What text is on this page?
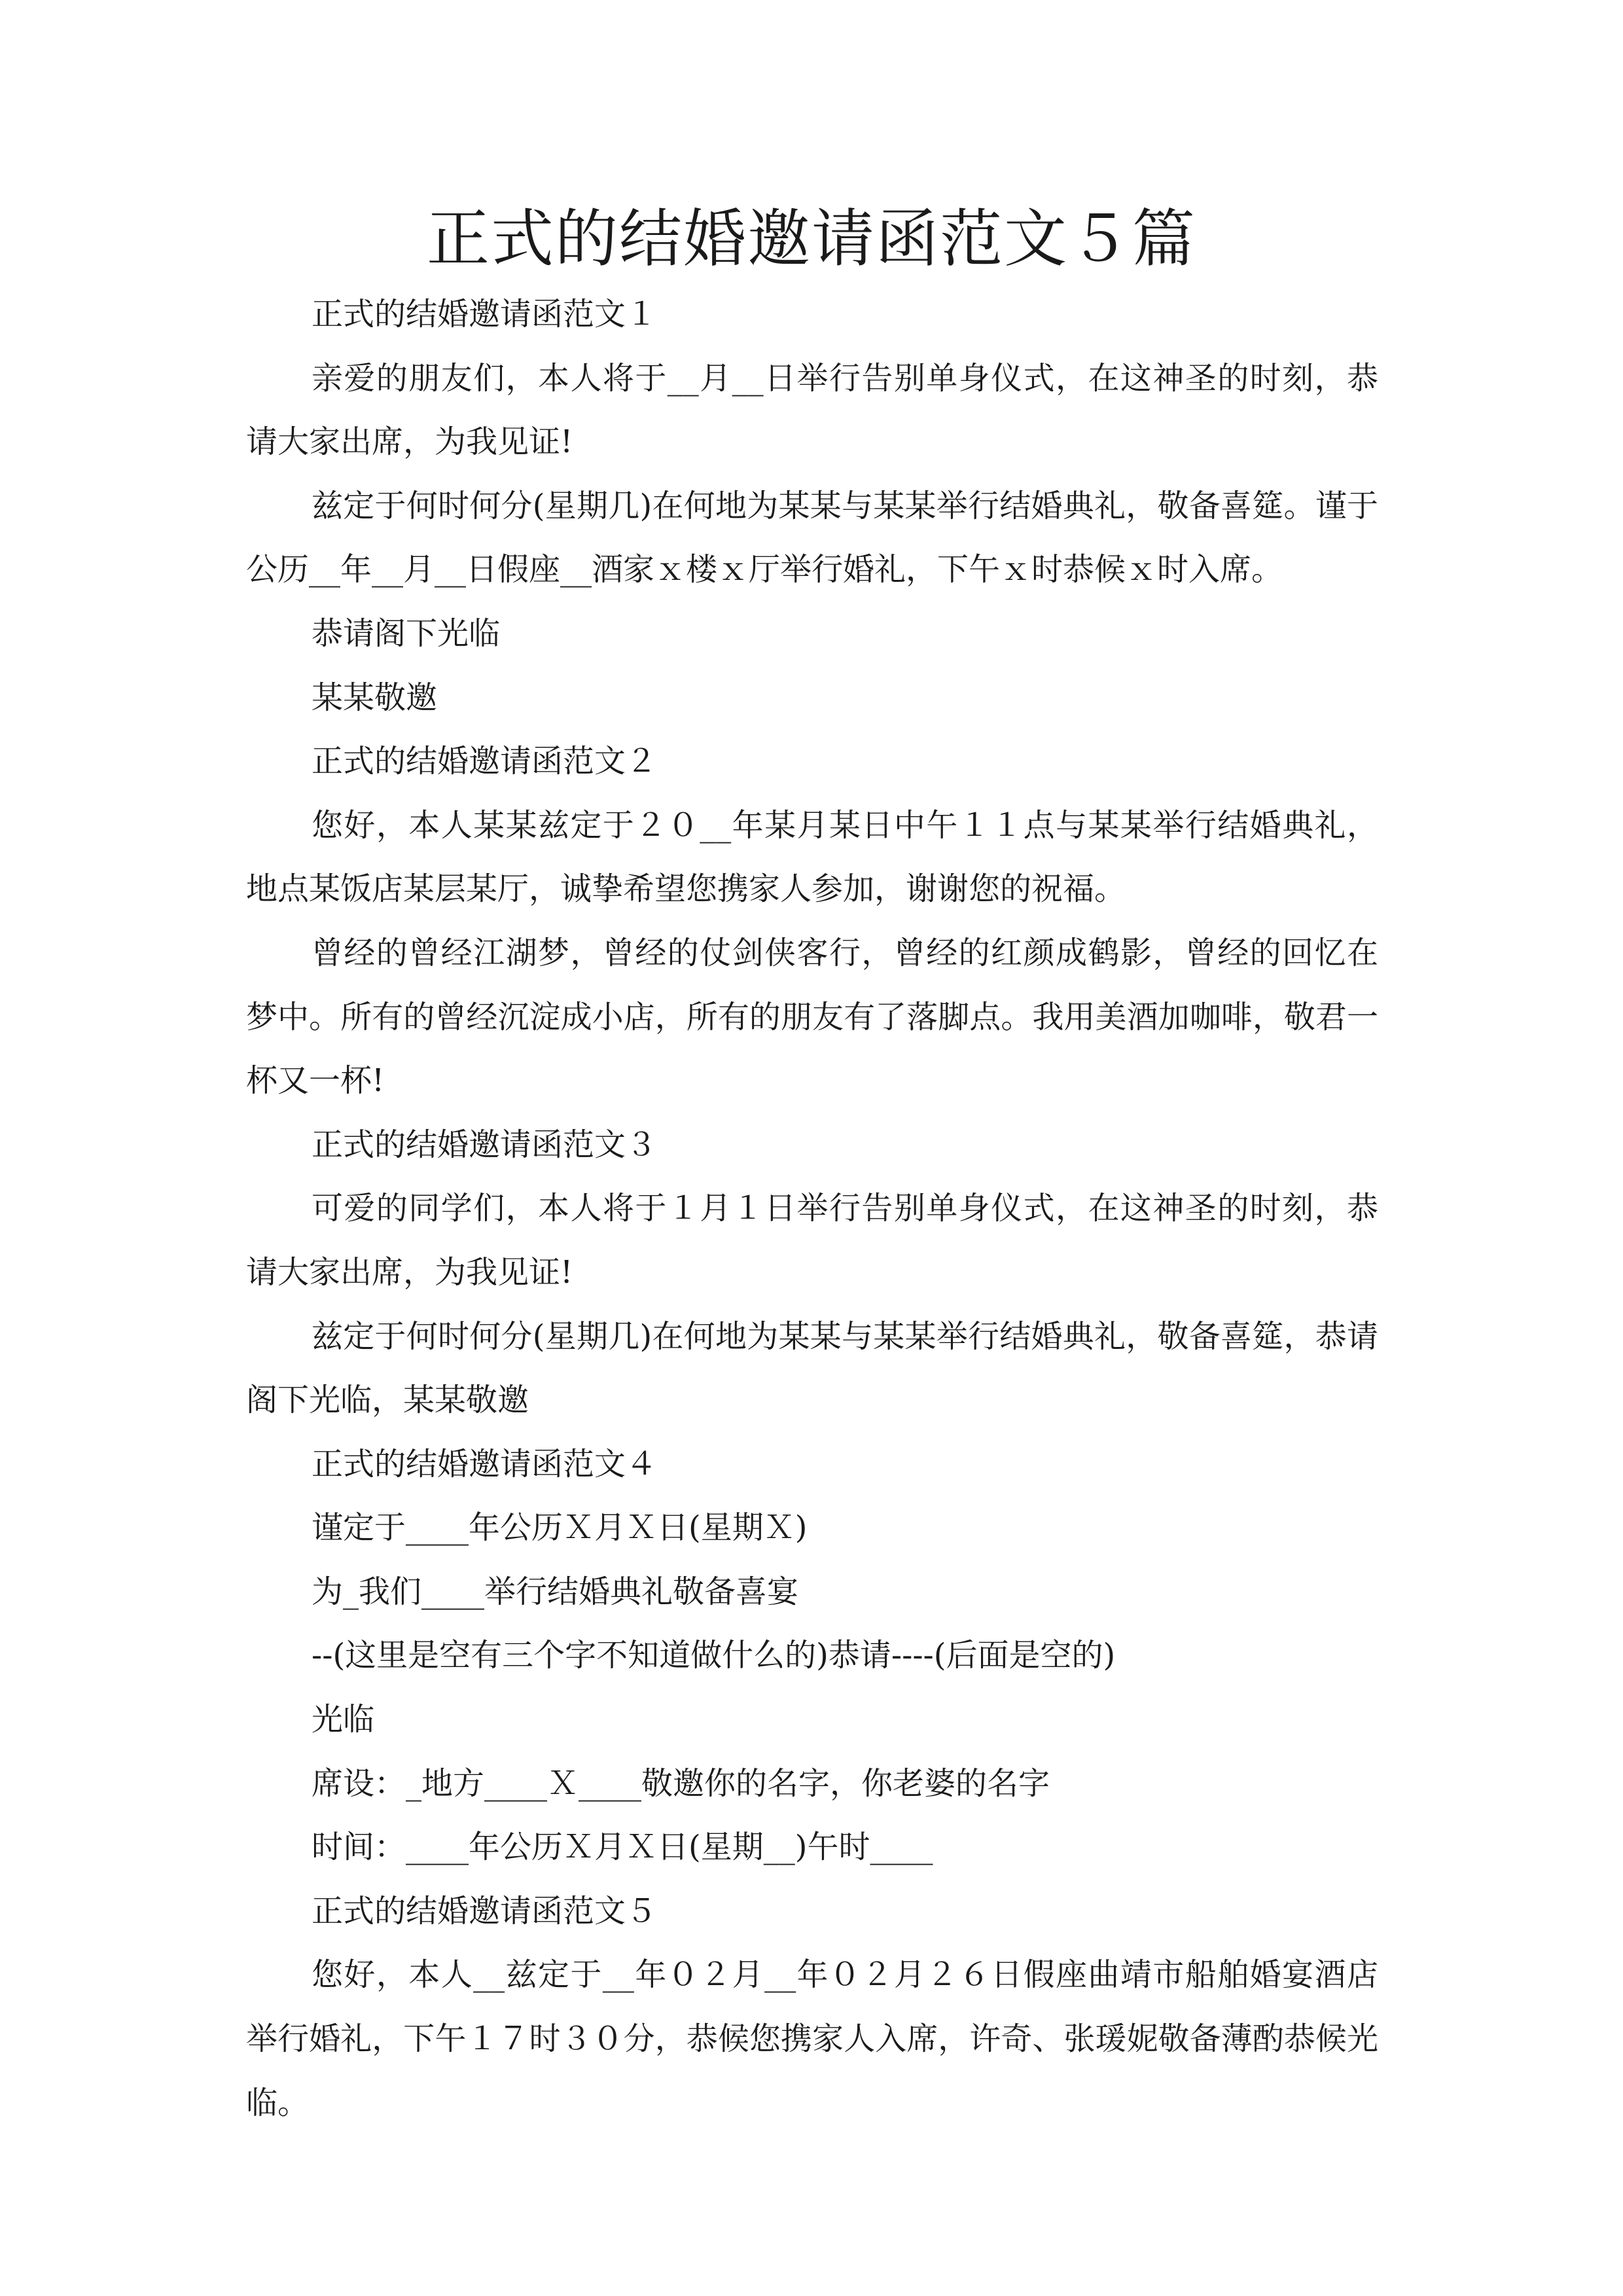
正式的结婚邀请函范文５篇

正式的结婚邀请函范文１

亲爱的朋友们，本人将于__月__日举行告别单身仪式，在这神圣的时刻，恭请大家出席，为我见证!

兹定于何时何分(星期几)在何地为某某与某某举行结婚典礼，敬备喜筵。谨于公历__年__月__日假座__酒家ｘ楼ｘ厅举行婚礼，下午ｘ时恭候ｘ时入席。

恭请阁下光临

某某敬邀

正式的结婚邀请函范文２

您好，本人某某兹定于２０__年某月某日中午１１点与某某举行结婚典礼，地点某饭店某层某厅，诚挚希望您携家人参加，谢谢您的祝福。

曾经的曾经江湖梦，曾经的仗剑侠客行，曾经的红颜成鹤影，曾经的回忆在梦中。所有的曾经沉淀成小店，所有的朋友有了落脚点。我用美酒加咖啡，敬君一杯又一杯!

正式的结婚邀请函范文３

可爱的同学们，本人将于１月１日举行告别单身仪式，在这神圣的时刻，恭请大家出席，为我见证!

兹定于何时何分(星期几)在何地为某某与某某举行结婚典礼，敬备喜筵，恭请阁下光临，某某敬邀

正式的结婚邀请函范文４

谨定于____年公历Ｘ月Ｘ日(星期Ｘ)

为_我们____举行结婚典礼敬备喜宴

--(这里是空有三个字不知道做什么的)恭请----(后面是空的)

光临

席设：_地方____Ｘ____敬邀你的名字，你老婆的名字

时间：____年公历Ｘ月Ｘ日(星期__)午时____

正式的结婚邀请函范文５

您好，本人__兹定于__年０２月__年０２月２６日假座曲靖市船舶婚宴酒店举行婚礼，下午１７时３０分，恭候您携家人入席，许奇、张瑗妮敬备薄酌恭候光临。
